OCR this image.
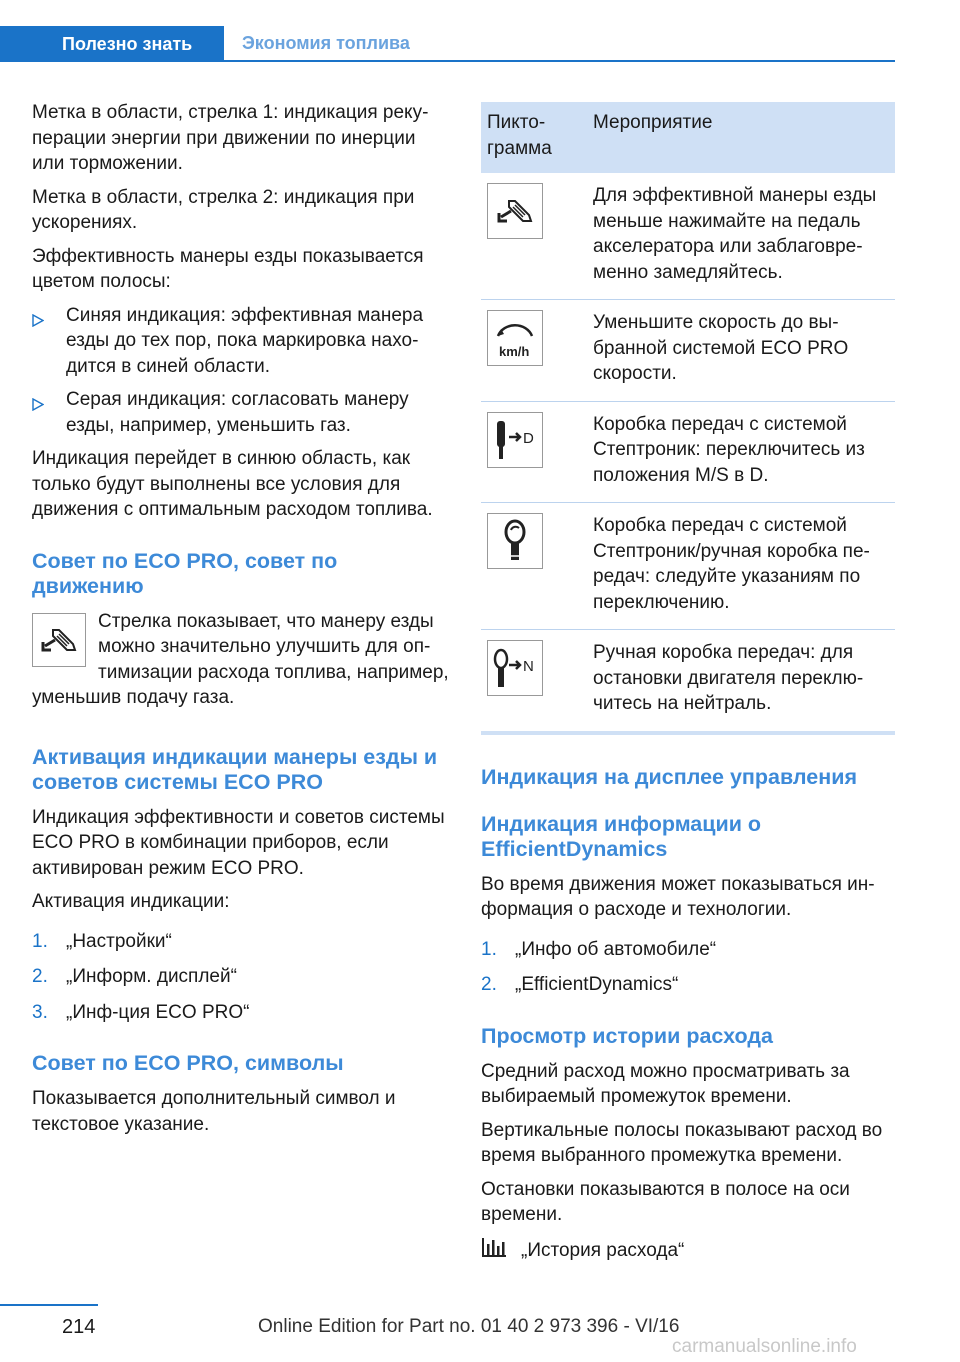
Полезно знать	Экономия топлива

Метка в области, стрелка 1: индикация рекуперации энергии при движении по инерции или торможении.

Метка в области, стрелка 2: индикация при ускорениях.

Эффективность манеры езды показывается цветом полосы:

Синяя индикация: эффективная манера езды до тех пор, пока маркировка находится в синей области.
Серая индикация: согласовать манеру езды, например, уменьшить газ.

Индикация перейдет в синюю область, как только будут выполнены все условия для движения с оптимальным расходом топлива.

Совет по ECO PRO, совет по движению

Стрелка показывает, что манеру езды можно значительно улучшить для оптимизации расхода топлива, например, уменьшив подачу газа.

Активация индикации манеры езды и советов системы ECO PRO

Индикация эффективности и советов системы ECO PRO в комбинации приборов, если активирован режим ECO PRO.

Активация индикации:

1. „Настройки“
2. „Информ. дисплей“
3. „Инф-ция ECO PRO“
Совет по ECO PRO, символы

Показывается дополнительный символ и текстовое указание.

Пиктограмма	Мероприятие

	Для эффективной манеры езды меньше нажимайте на педаль акселератора или заблаговременно замедляйтесь.

km/h	Уменьшите скорость до выбранной системой ECO PRO скорости.

D	Коробка передач с системой Стептроник: переключитесь из положения M/S в D.

	Коробка передач с системой Стептроник/ручная коробка передач: следуйте указаниям по переключению.

N	Ручная коробка передач: для остановки двигателя переключитесь на нейтраль.
Индикация на дисплее управления
Индикация информации о EfficientDynamics

Во время движения может показываться информация о расходе и технологии.

1. „Инфо об автомобиле“
2. „EfficientDynamics“
Просмотр истории расхода

Средний расход можно просматривать за выбираемый промежуток времени.

Вертикальные полосы показывают расход во время выбранного промежутка времени.

Остановки показываются в полосе на оси времени.

„История расхода“

214	Online Edition for Part no. 01 40 2 973 396 - VI/16
carmanualsonline.info
